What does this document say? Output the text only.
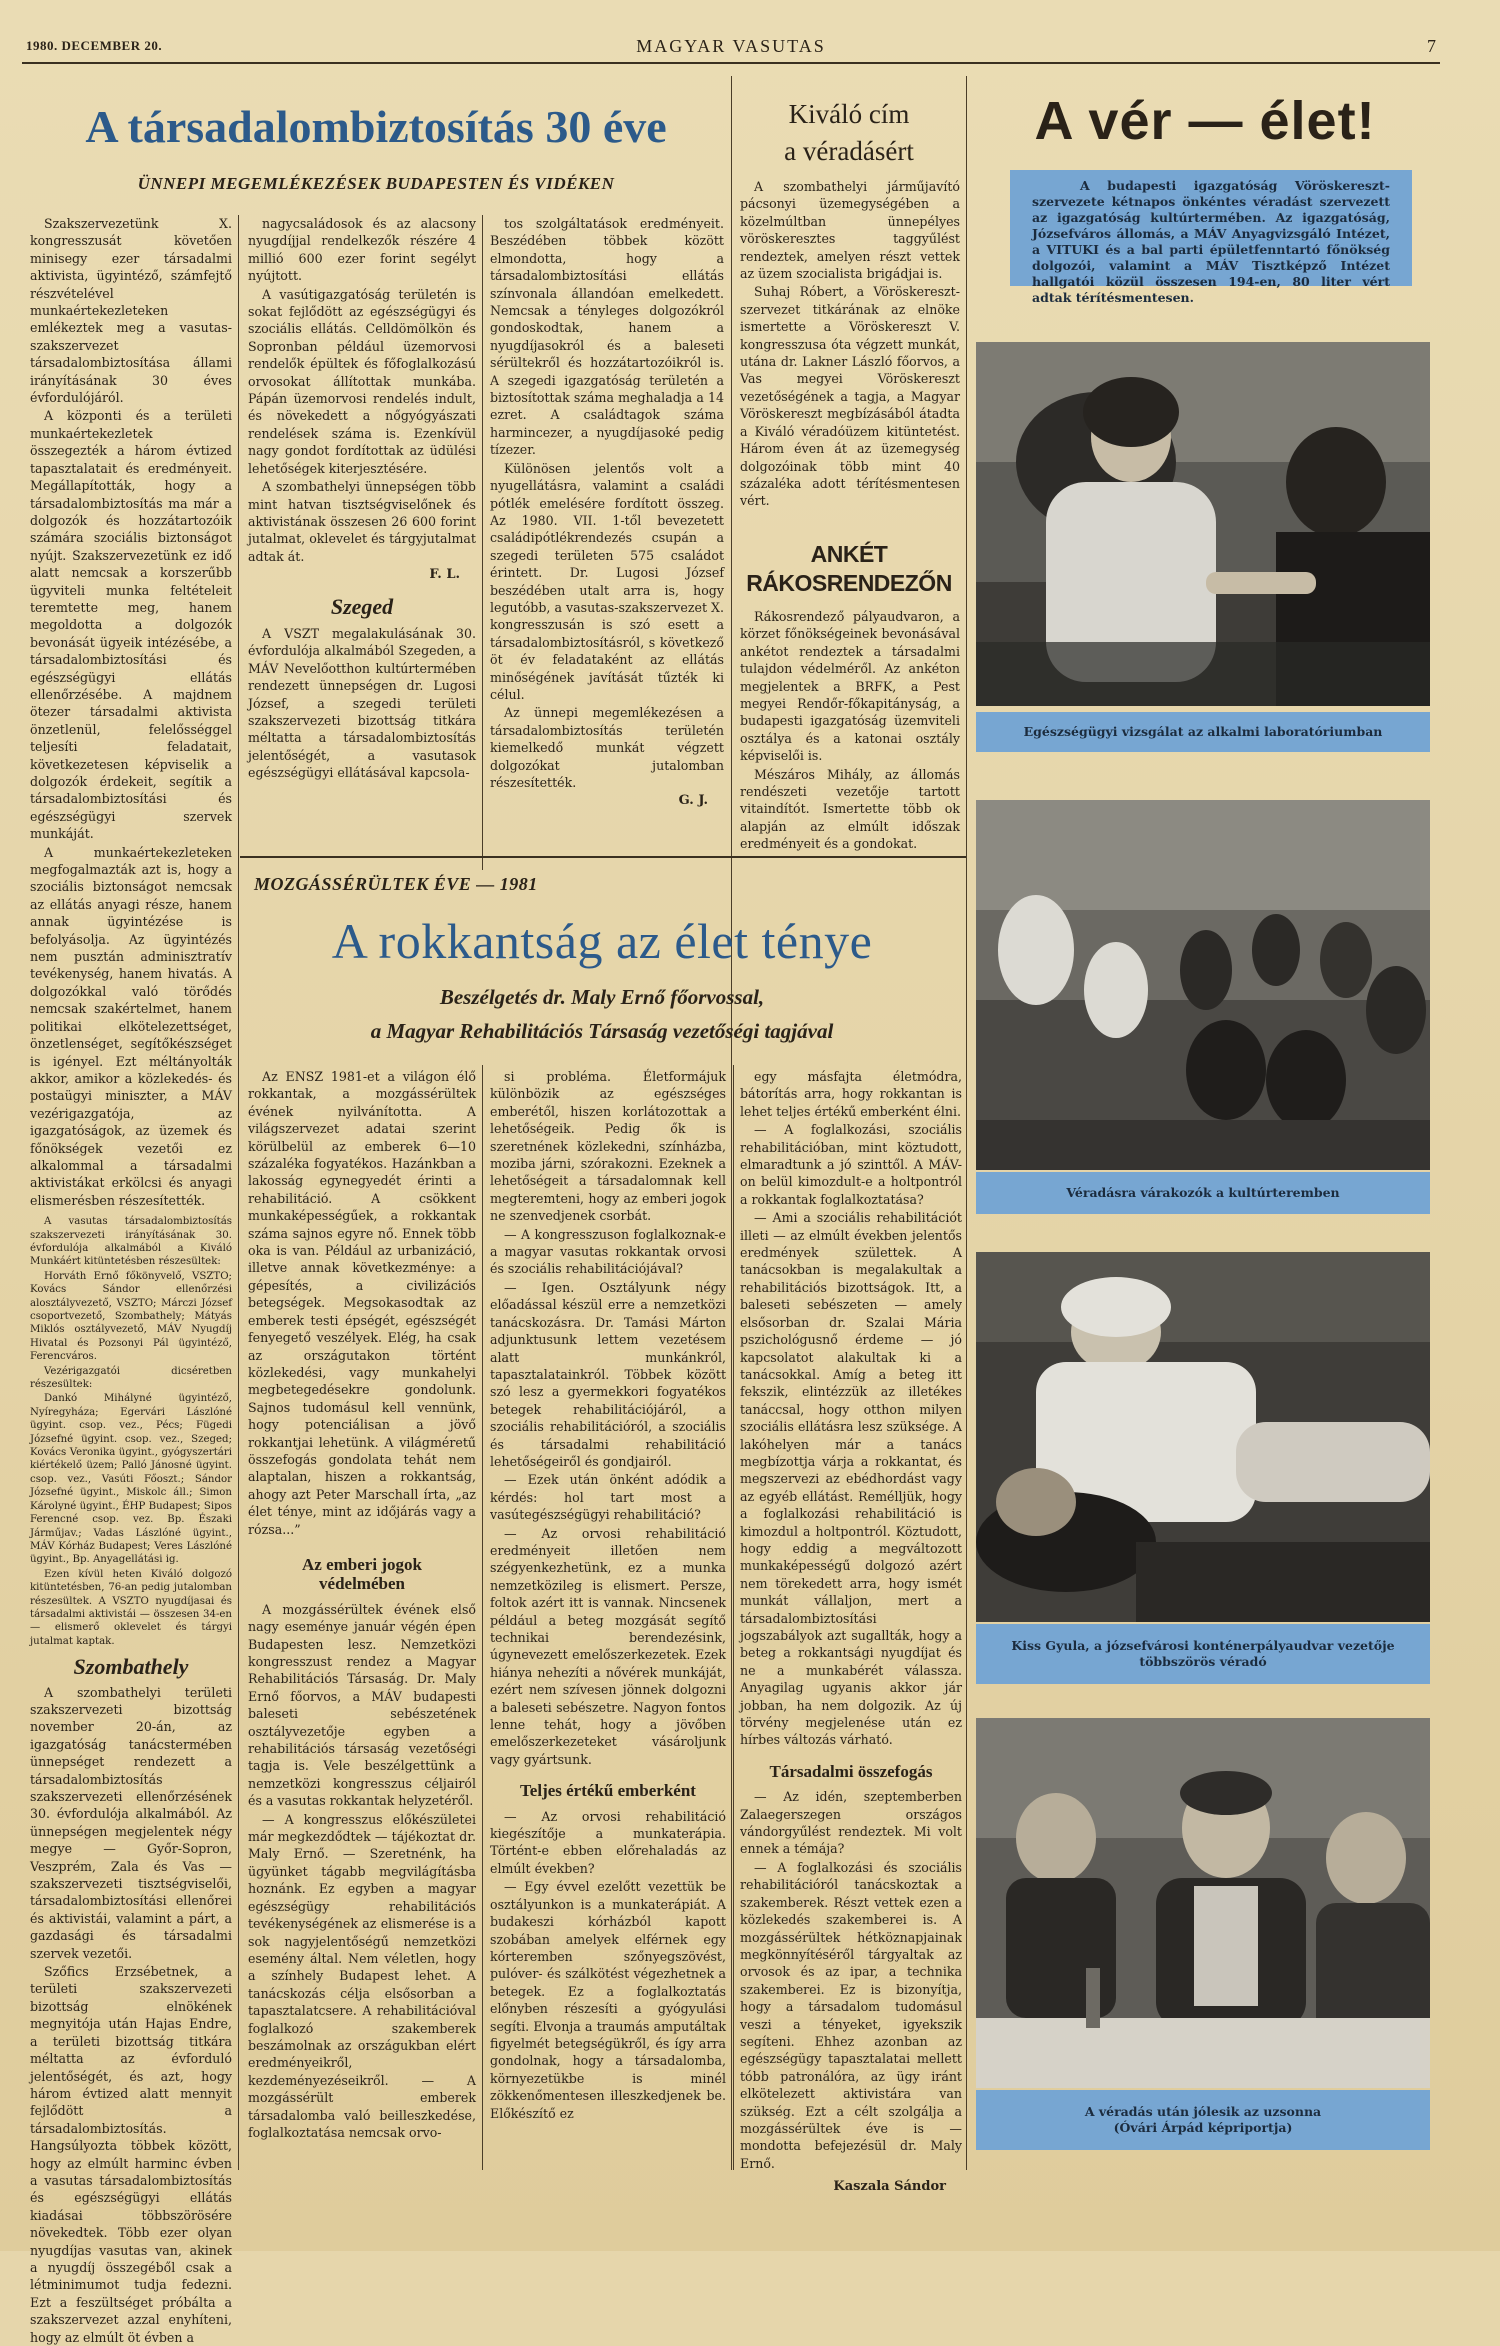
1980. DECEMBER 20.	MAGYAR VASUTAS	7
A társadalombiztosítás 30 éve
ÜNNEPI MEGEMLÉKEZÉSEK BUDAPESTEN ÉS VIDÉKEN

Szakszervezetünk X. kongresszusát követően minisegy ezer társadalmi aktivista, ügyintéző, számfejtő részvételével munkaértekezleteken emlékeztek meg a vasutas-szakszervezet társadalombiztosítása állami irányításának 30 éves évfordulójáról.

A központi és a területi munkaértekezletek összegezték a három évtized tapasztalatait és eredményeit. Megállapították, hogy a társadalombiztosítás ma már a dolgozók és hozzátartozóik számára szociális biztonságot nyújt. Szakszervezetünk ez idő alatt nemcsak a korszerűbb ügyviteli munka feltételeit teremtette meg, hanem megoldotta a dolgozók bevonását ügyeik intézésébe, a társadalombiztosítási és egészségügyi ellátás ellenőrzésébe. A majdnem ötezer társadalmi aktivista önzetlenül, felelősséggel teljesíti feladatait, következetesen képviselik a dolgozók érdekeit, segítik a társadalombiztosítási és egészségügyi szervek munkáját.

A munkaértekezleteken megfogalmazták azt is, hogy a szociális biztonságot nemcsak az ellátás anyagi része, hanem annak ügyintézése is befolyásolja. Az ügyintézés nem pusztán adminisztratív tevékenység, hanem hivatás. A dolgozókkal való törődés nemcsak szakértelmet, hanem politikai elkötelezettséget, önzetlenséget, segítőkészséget is igényel. Ezt méltányolták akkor, amikor a közlekedés- és postaügyi miniszter, a MÁV vezérigazgatója, az igazgatóságok, az üzemek és főnökségek vezetői ez alkalommal a társadalmi aktivistákat erkölcsi és anyagi elismerésben részesítették.

A vasutas társadalombiztosítás szakszervezeti irányításának 30. évfordulója alkalmából a Kiváló Munkáért kitüntetésben részesültek:

Horváth Ernő főkönyvelő, VSZTO; Kovács Sándor ellenőrzési alosztályvezető, VSZTO; Márczi József csoportvezető, Szombathely; Mátyás Miklós osztályvezető, MÁV Nyugdíj Hivatal és Pozsonyi Pál ügyintéző, Ferencváros.

Vezérigazgatói dicséretben részesültek:

Dankó Mihályné ügyintéző, Nyíregyháza; Egervári Lászlóné ügyint. csop. vez., Pécs; Fügedi Józsefné ügyint. csop. vez., Szeged; Kovács Veronika ügyint., gyógyszertári kiértékelő üzem; Palló Jánosné ügyint. csop. vez., Vasúti Főoszt.; Sándor Józsefné ügyint., Miskolc áll.; Simon Károlyné ügyint., ÉHP Budapest; Sipos Ferencné csop. vez. Bp. Északi Járműjav.; Vadas Lászlóné ügyint., MÁV Kórház Budapest; Veres Lászlóné ügyint., Bp. Anyagellátási ig.

Ezen kívül heten Kiváló dolgozó kitüntetésben, 76-an pedig jutalomban részesültek. A VSZTO nyugdíjasai és társadalmi aktivistái — összesen 34-en — elismerő oklevelet és tárgyi jutalmat kaptak.

Szombathely

A szombathelyi területi szakszervezeti bizottság november 20-án, az igazgatóság tanácstermében ünnepséget rendezett a társadalombiztosítás szakszervezeti ellenőrzésének 30. évfordulója alkalmából. Az ünnepségen megjelentek négy megye — Győr-Sopron, Veszprém, Zala és Vas — szakszervezeti tisztségviselői, társadalombiztosítási ellenőrei és aktivistái, valamint a párt, a gazdasági és társadalmi szervek vezetői.

Szőfics Erzsébetnek, a területi szakszervezeti bizottság elnökének megnyitója után Hajas Endre, a területi bizottság titkára méltatta az évforduló jelentőségét, és azt, hogy három évtized alatt mennyit fejlődött a társadalombiztosítás. Hangsúlyozta többek között, hogy az elmúlt harminc évben a vasutas társadalombiztosítás és egészségügyi ellátás kiadásai többszörösére növekedtek. Több ezer olyan nyugdíjas vasutas van, akinek a nyugdíj összegéből csak a létminimumot tudja fedezni. Ezt a feszültséget próbálta a szakszervezet azzal enyhíteni, hogy az elmúlt öt évben a

nagycsaládosok és az alacsony nyugdíjjal rendelkezők részére 4 millió 600 ezer forint segélyt nyújtott.

A vasútigazgatóság területén is sokat fejlődött az egészségügyi és szociális ellátás. Celldömölkön és Sopronban például üzemorvosi rendelők épültek és főfoglalkozású orvosokat állítottak munkába. Pápán üzemorvosi rendelés indult, és növekedett a nőgyógyászati rendelések száma is. Ezenkívül nagy gondot fordítottak az üdülési lehetőségek kiterjesztésére.

A szombathelyi ünnepségen több mint hatvan tisztségviselőnek és aktivistának összesen 26 600 forint jutalmat, oklevelet és tárgyjutalmat adtak át.

F. L.
Szeged

A VSZT megalakulásának 30. évfordulója alkalmából Szegeden, a MÁV Nevelőotthon kultúrtermében rendezett ünnepségen dr. Lugosi József, a szegedi területi szakszervezeti bizottság titkára méltatta a társadalombiztosítás jelentőségét, a vasutasok egészségügyi ellátásával kapcsola-

tos szolgáltatások eredményeit. Beszédében többek között elmondotta, hogy a társadalombiztosítási ellátás színvonala állandóan emelkedett. Nemcsak a tényleges dolgozókról gondoskodtak, hanem a nyugdíjasokról és a baleseti sérültekről és hozzátartozóikról is. A szegedi igazgatóság területén a biztosítottak száma meghaladja a 14 ezret. A családtagok száma harmincezer, a nyugdíjasoké pedig tízezer.

Különösen jelentős volt a nyugellátásra, valamint a családi pótlék emelésére fordított összeg. Az 1980. VII. 1-től bevezetett családipótlékrendezés csupán a szegedi területen 575 családot érintett. Dr. Lugosi József beszédében utalt arra is, hogy legutóbb, a vasutas-szakszervezet X. kongresszusán is szó esett a társadalombiztosításról, s következő öt év feladataként az ellátás minőségének javítását tűzték ki célul.

Az ünnepi megemlékezésen a társadalombiztosítás területén kiemelkedő munkát végzett dolgozókat jutalomban részesítették.

G. J.
Kiváló cím
a véradásért

A szombathelyi járműjavító pácsonyi üzemegységében a közelmúltban ünnepélyes vöröskeresztes taggyűlést rendeztek, amelyen részt vettek az üzem szocialista brigádjai is.

Suhaj Róbert, a Vöröskereszt-szervezet titkárának az elnöke ismertette a Vöröskereszt V. kongresszusa óta végzett munkát, utána dr. Lakner László főorvos, a Vas megyei Vöröskereszt vezetőségének a tagja, a Magyar Vöröskereszt megbízásából átadta a Kiváló véradóüzem kitüntetést. Három éven át az üzemegység dolgozóinak több mint 40 százaléka adott térítésmentesen vért.

ANKÉT
RÁKOSRENDEZŐN

Rákosrendező pályaudvaron, a körzet főnökségeinek bevonásával ankétot rendeztek a társadalmi tulajdon védelméről. Az ankéton megjelentek a BRFK, a Pest megyei Rendőr-főkapitányság, a budapesti igazgatóság üzemviteli osztálya és a katonai osztály képviselői is.

Mészáros Mihály, az állomás rendészeti vezetője tartott vitaindítót. Ismertette több ok alapján az elmúlt időszak eredményeit és a gondokat.

A vér — élet!

A budapesti igazgatóság Vöröskereszt-szervezete kétnapos önkéntes véradást szervezett az igazgatóság kultúrtermében. Az igazgatóság, Józsefváros állomás, a MÁV Anyagvizsgáló Intézet, a VITUKI és a bal parti épületfenntartó főnökség dolgozói, valamint a MÁV Tisztképző Intézet hallgatói közül összesen 194-en, 80 liter vért adtak térítésmentesen.

Egészségügyi vizsgálat az alkalmi laboratóriumban
Véradásra várakozók a kultúrteremben
Kiss Gyula, a józsefvárosi konténerpályaudvar vezetője
többszörös véradó
A véradás után jólesik az uzsonna
(Óvári Árpád képriportja)
MOZGÁSSÉRÜLTEK ÉVE — 1981
A rokkantság az élet ténye
Beszélgetés dr. Maly Ernő főorvossal,
a Magyar Rehabilitációs Társaság vezetőségi tagjával

Az ENSZ 1981-et a világon élő rokkantak, a mozgássérültek évének nyilvánította. A világszervezet adatai szerint körülbelül az emberek 6—10 százaléka fogyatékos. Hazánkban a lakosság egynegyedét érinti a rehabilitáció. A csökkent munkaképességűek, a rokkantak száma sajnos egyre nő. Ennek több oka is van. Például az urbanizáció, illetve annak következménye: a gépesítés, a civilizációs betegségek. Megsokasodtak az emberek testi épségét, egészségét fenyegető veszélyek. Elég, ha csak az országutakon történt közlekedési, vagy munkahelyi megbetegedésekre gondolunk. Sajnos tudomásul kell vennünk, hogy potenciálisan a jövő rokkantjai lehetünk. A világméretű összefogás gondolata tehát nem alaptalan, hiszen a rokkantság, ahogy azt Peter Marschall írta, „az élet ténye, mint az időjárás vagy a rózsa...”

Az emberi jogok
védelmében

A mozgássérültek évének első nagy eseménye január végén épen Budapesten lesz. Nemzetközi kongresszust rendez a Magyar Rehabilitációs Társaság. Dr. Maly Ernő főorvos, a MÁV budapesti baleseti sebészetének osztályvezetője egyben a rehabilitációs társaság vezetőségi tagja is. Vele beszélgettünk a nemzetközi kongresszus céljairól és a vasutas rokkantak helyzetéről.

— A kongresszus előkészületei már megkezdődtek — tájékoztat dr. Maly Ernő. — Szeretnénk, ha ügyünket tágabb megvilágításba hoznánk. Ez egyben a magyar egészségügy rehabilitációs tevékenységének az elismerése is a sok nagyjelentőségű nemzetközi esemény által. Nem véletlen, hogy a színhely Budapest lehet. A tanácskozás célja elsősorban a tapasztalatcsere. A rehabilitációval foglalkozó szakemberek beszámolnak az országukban elért eredményeikről, kezdeményezéseikről. — A mozgássérült emberek társadalomba való beilleszkedése, foglalkoztatása nemcsak orvo-

si probléma. Életformájuk különbözik az egészséges emberétől, hiszen korlátozottak a lehetőségeik. Pedig ők is szeretnének közlekedni, színházba, moziba járni, szórakozni. Ezeknek a lehetőségeit a társadalomnak kell megteremteni, hogy az emberi jogok ne szenvedjenek csorbát.

— A kongresszuson foglalkoznak-e a magyar vasutas rokkantak orvosi és szociális rehabilitációjával?

— Igen. Osztályunk négy előadással készül erre a nemzetközi tanácskozásra. Dr. Tamási Márton adjunktusunk lettem vezetésem alatt munkánkról, tapasztalatainkról. Többek között szó lesz a gyermekkori fogyatékos betegek rehabilitációjáról, a szociális rehabilitációról, a szociális és társadalmi rehabilitáció lehetőségeiről és gondjairól.

— Ezek után önként adódik a kérdés: hol tart most a vasútegészségügyi rehabilitáció?

— Az orvosi rehabilitáció eredményeit illetően nem szégyenkezhetünk, ez a munka nemzetközileg is elismert. Persze, foltok azért itt is vannak. Nincsenek például a beteg mozgását segítő technikai berendezésink, úgynevezett emelőszerkezetek. Ezek hiánya nehezíti a nővérek munkáját, ezért nem szívesen jönnek dolgozni a baleseti sebészetre. Nagyon fontos lenne tehát, hogy a jövőben emelőszerkezeteket vásároljunk vagy gyártsunk.

Teljes értékű emberként

— Az orvosi rehabilitáció kiegészítője a munkaterápia. Történt-e ebben előrehaladás az elmúlt években?

— Egy évvel ezelőtt vezettük be osztályunkon is a munkaterápiát. A budakeszi kórházból kapott szobában amelyek elférnek egy kórteremben szőnyegszövést, pulóver- és szálkötést végezhetnek a betegek. Ez a foglalkoztatás előnyben részesíti a gyógyulási segíti. Elvonja a traumás amputáltak figyelmét betegségükről, és így arra gondolnak, hogy a társadalomba, környezetükbe is minél zökkenőmentesen illeszkedjenek be. Előkészítő ez

egy másfajta életmódra, bátorítás arra, hogy rokkantan is lehet teljes értékű emberként élni.

— A foglalkozási, szociális rehabilitációban, mint köztudott, elmaradtunk a jó szinttől. A MÁV-on belül kimozdult-e a holtpontról a rokkantak foglalkoztatása?

— Ami a szociális rehabilitációt illeti — az elmúlt években jelentős eredmények születtek. A tanácsokban is megalakultak a rehabilitációs bizottságok. Itt, a baleseti sebészeten — amely elsősorban dr. Szalai Mária pszichológusnő érdeme — jó kapcsolatot alakultak ki a tanácsokkal. Amíg a beteg itt fekszik, elintézzük az illetékes tanáccsal, hogy otthon milyen szociális ellátásra lesz szüksége. A lakóhelyen már a tanács megbízottja várja a rokkantat, és megszervezi az ebédhordást vagy az egyéb ellátást. Remélljük, hogy a foglalkozási rehabilitáció is kimozdul a holtpontról. Köztudott, hogy eddig a megváltozott munkaképességű dolgozó azért nem törekedett arra, hogy ismét munkát vállaljon, mert a társadalombiztosítási jogszabályok azt sugallták, hogy a beteg a rokkantsági nyugdíjat és ne a munkabérét válassza. Anyagilag ugyanis akkor jár jobban, ha nem dolgozik. Az új törvény megjelenése után ez hírbes változás várható.

Társadalmi összefogás

— Az idén, szeptemberben Zalaegerszegen országos vándorgyűlést rendeztek. Mi volt ennek a témája?

— A foglalkozási és szociális rehabilitációról tanácskoztak a szakemberek. Részt vettek ezen a közlekedés szakemberei is. A mozgássérültek hétköznapjainak megkönnyítéséről tárgyaltak az orvosok és az ipar, a technika szakemberei. Ez is bizonyítja, hogy a társadalom tudomásul veszi a tényeket, igyekszik segíteni. Ehhez azonban az egészségügy tapasztalatai mellett tóbb patronálóra, az ügy iránt elkötelezett aktivistára van szükség. Ezt a célt szolgálja a mozgássérültek éve is — mondotta befejezésül dr. Maly Ernő.

Kaszala Sándor
